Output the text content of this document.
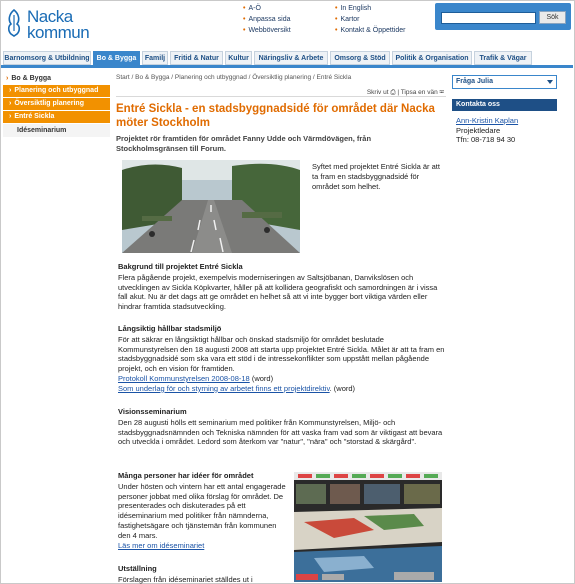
Nacka
kommun
• A-Ö
• Anpassa sida
• Webböversikt
• In English
• Kartor
• Kontakt & Öppettider
Sök
Barnomsorg & Utbildning	Bo & Bygga	Familj	Fritid & Natur	Kultur	Näringsliv & Arbete	Omsorg & Stöd	Politik & Organisation	Trafik & Vägar
› Bo & Bygga
› Planering och utbyggnad
› Översiktlig planering
› Entré Sickla
Idéseminarium
Start / Bo & Bygga / Planering och utbyggnad / Översiktlig planering / Entré Sickla
Skriv ut ⎙ | Tipsa en vän ✉
Entré Sickla - en stadsbyggnadsidé för området där Nacka möter Stockholm
Projektet rör framtiden för området Fanny Udde och Värmdövägen, från Stockholmsgränsen till Forum.
Syftet med projektet Entré Sickla är att ta fram en stadsbyggnadsidé för området som helhet.
Bakgrund till projektet Entré Sickla

Flera pågående projekt, exempelvis moderniseringen av Saltsjöbanan, Danvikslösen och utvecklingen av Sickla Köpkvarter, håller på att kollidera geografiskt och samordningen är i vissa fall akut. Nu är det dags att ge området en helhet så att vi inte bygger bort viktiga värden eller hindrar framtida stadsutveckling.

Långsiktig hållbar stadsmiljö

För att säkrar en långsiktigt hållbar och önskad stadsmiljö för området beslutade Kommunstyrelsen den 18 augusti 2008 att starta upp projektet Entré Sickla. Målet är att ta fram en stadsbyggnadsidé som ska vara ett stöd i de intressekonflikter som uppstått mellan pågående projekt, och en vision för framtiden.

Protokoll Kommunstyrelsen 2008-08-18 (word)

Som underlag för och styrning av arbetet finns ett projektdirektiv. (word)

Visionsseminarium

Den 28 augusti hölls ett seminarium med politiker från Kommunstyrelsen, Miljö- och stadsbyggnadsnämnden och Tekniska nämnden för att vaska fram vad som är viktigast att bevara och utveckla i området. Ledord som återkom var "natur", "nära" och "storstad & skärgård".

Många personer har idéer för området

Under hösten och vintern har ett antal engagerade personer jobbat med olika förslag för området. De presenterades och diskuterades på ett idéseminarium med politiker från nämnderna, fastighetsägare och tjänstemän från kommunen den 4 mars.

Läs mer om idéseminariet

Utställning

Förslagen från idéseminariet ställdes ut i

Fråga Julia
Kontakta oss
Ann-Kristin Kaplan
Projektledare
Tfn: 08-718 94 30
